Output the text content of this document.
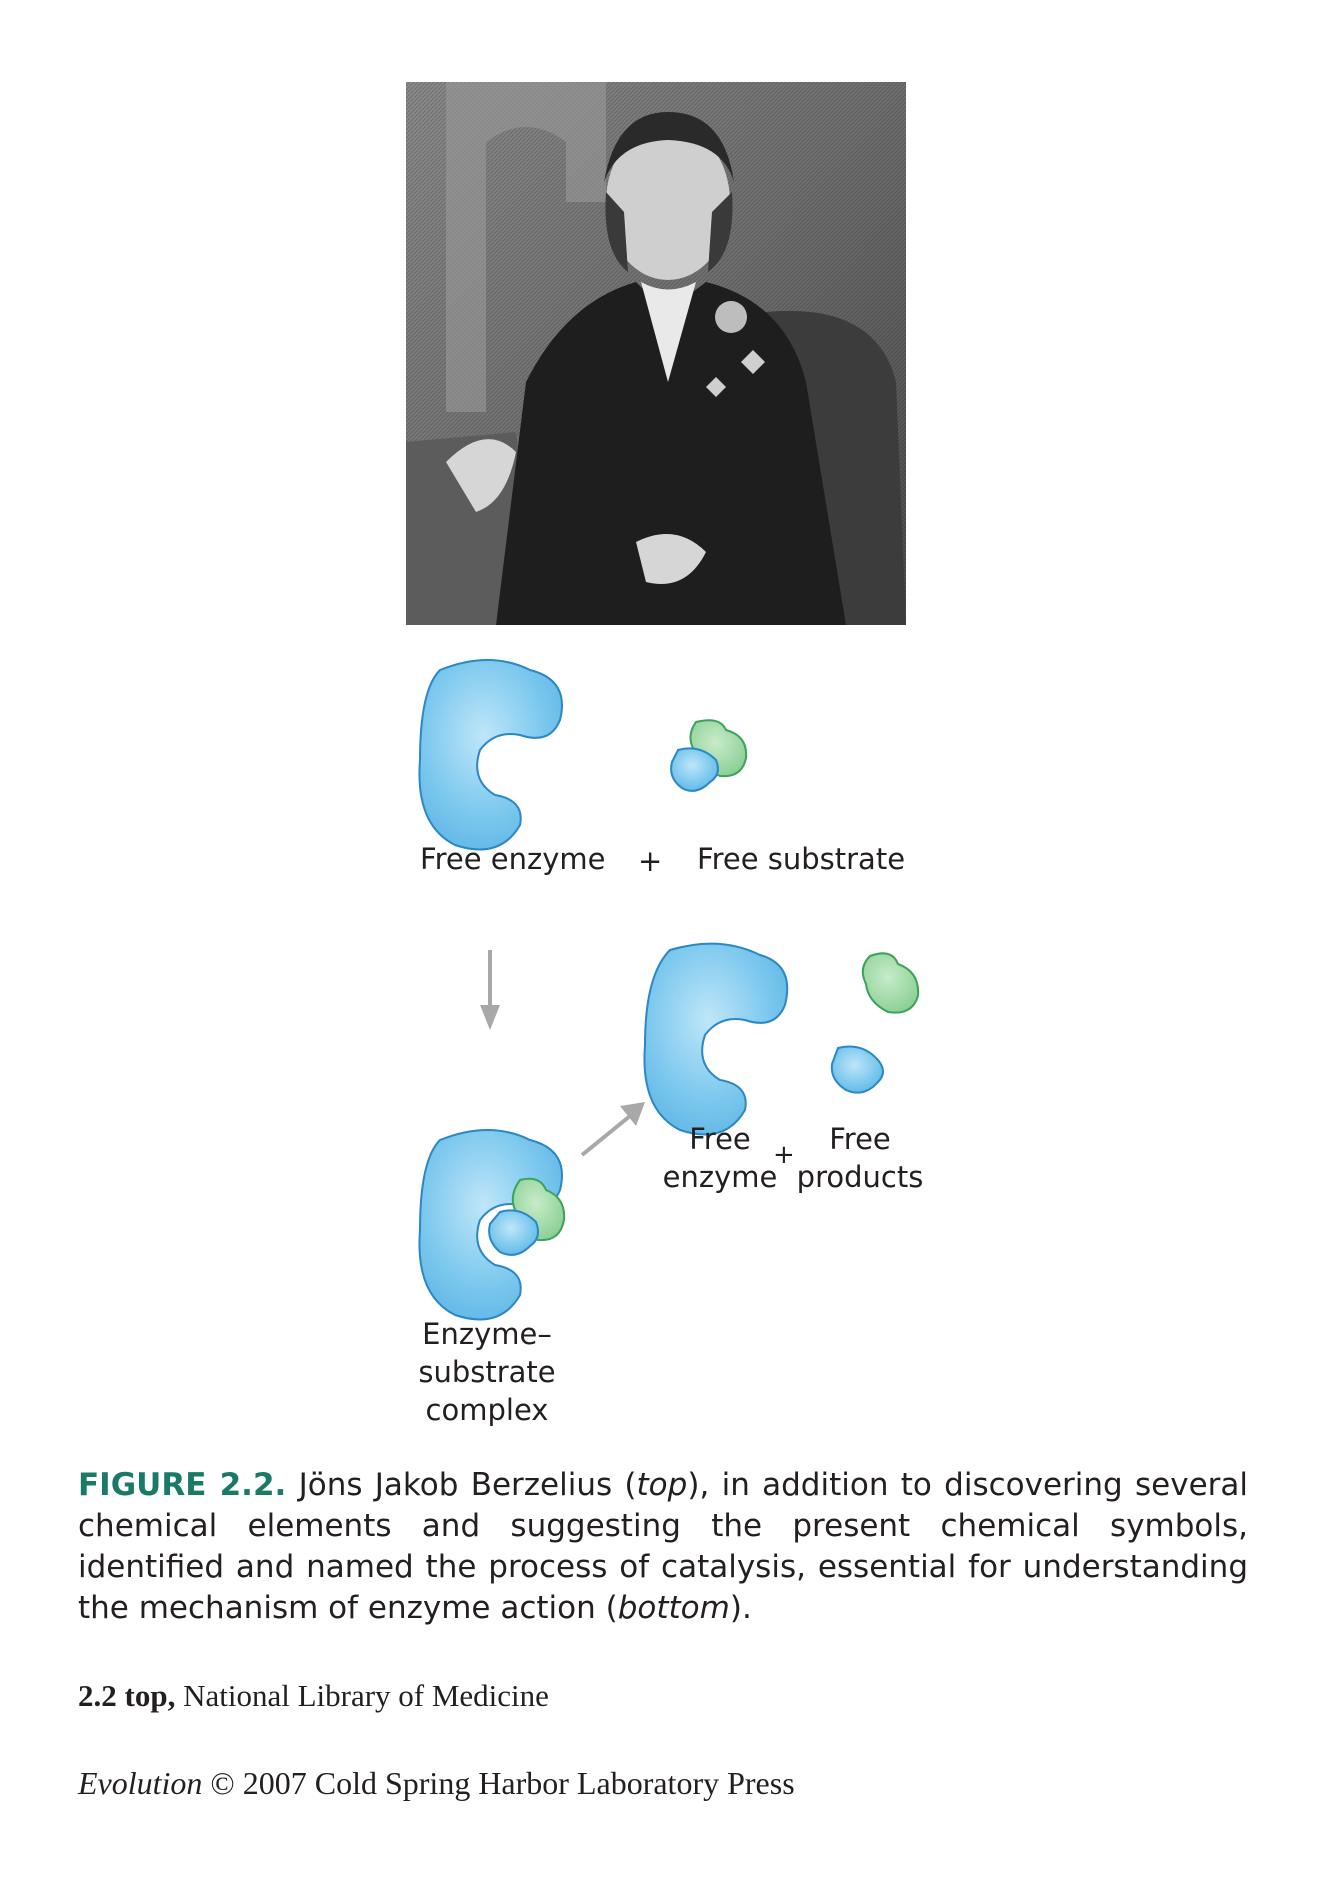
Free enzyme + Free substrate
Free
enzyme
+	Free
products
Enzyme–
substrate
complex
FIGURE 2.2. Jöns Jakob Berzelius (top), in addition to discovering several chemical elements and suggesting the present chemical symbols, identified and named the process of catalysis, essential for understanding the mechanism of enzyme action (bottom).
2.2 top, National Library of Medicine
Evolution © 2007 Cold Spring Harbor Laboratory Press
